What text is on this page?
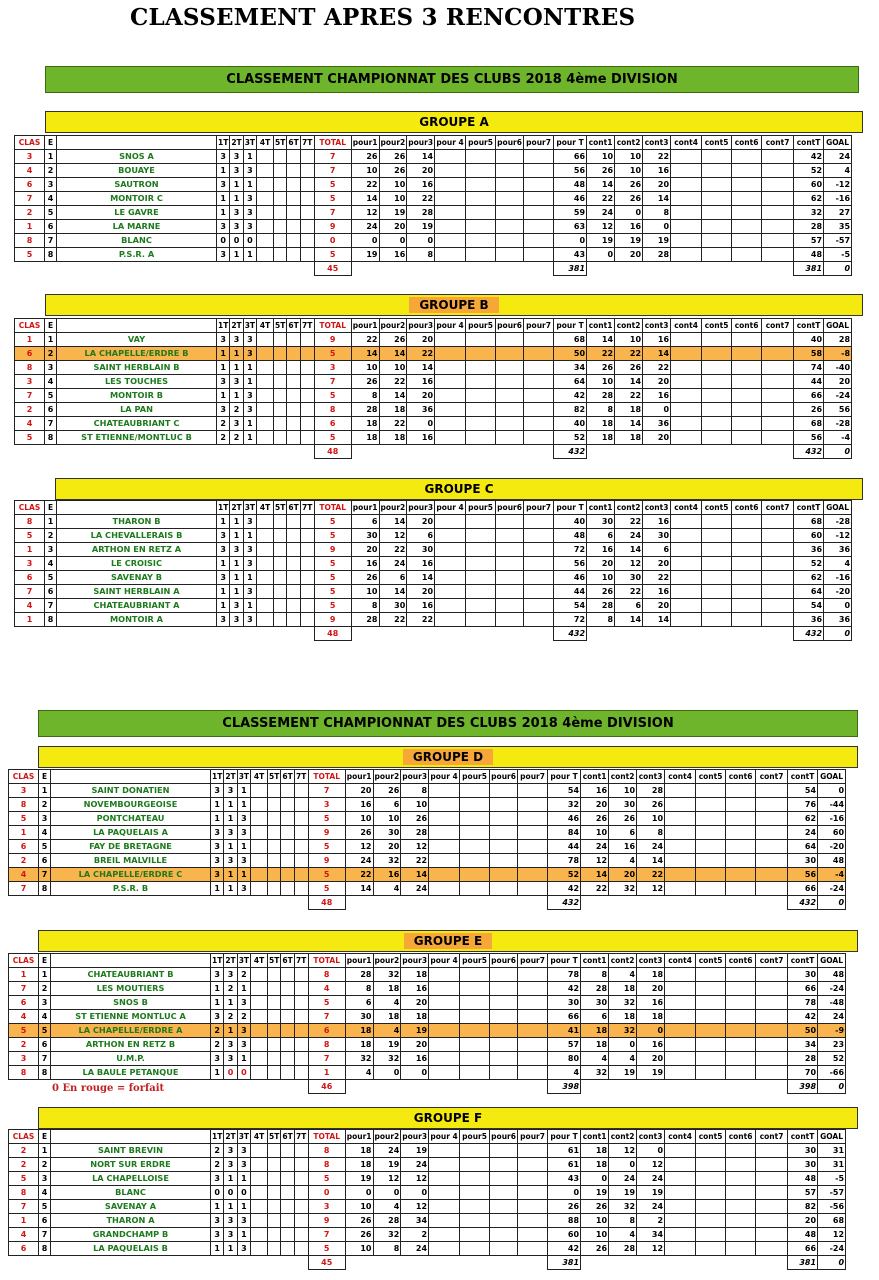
CLASSEMENT APRES 3 RENCONTRES
CLASSEMENT CHAMPIONNAT DES CLUBS 2018 4ème DIVISION
GROUPE A
CLAS	E		1T	2T	3T	4T	5T	6T	7T	TOTAL	pour1	pour2	pour3	pour 4	pour5	pour6	pour7	pour T	cont1	cont2	cont3	cont4	cont5	cont6	cont7	contT	GOAL
3	1	SNOS A	3	3	1					7	26	26	14					66	10	10	22					42	24
4	2	BOUAYE	1	3	3					7	10	26	20					56	26	10	16					52	4
6	3	SAUTRON	3	1	1					5	22	10	16					48	14	26	20					60	-12
7	4	MONTOIR C	1	1	3					5	14	10	22					46	22	26	14					62	-16
2	5	LE GAVRE	1	3	3					7	12	19	28					59	24	0	8					32	27
1	6	LA MARNE	3	3	3					9	24	20	19					63	12	16	0					28	35
8	7	BLANC	0	0	0					0	0	0	0					0	19	19	19					57	-57
5	8	P.S.R. A	3	1	1					5	19	16	8					43	0	20	28					48	-5
										45								381								381	0
GROUPE B
CLAS	E		1T	2T	3T	4T	5T	6T	7T	TOTAL	pour1	pour2	pour3	pour 4	pour5	pour6	pour7	pour T	cont1	cont2	cont3	cont4	cont5	cont6	cont7	contT	GOAL
1	1	VAY	3	3	3					9	22	26	20					68	14	10	16					40	28
6	2	LA CHAPELLE/ERDRE B	1	1	3					5	14	14	22					50	22	22	14					58	-8
8	3	SAINT HERBLAIN B	1	1	1					3	10	10	14					34	26	26	22					74	-40
3	4	LES TOUCHES	3	3	1					7	26	22	16					64	10	14	20					44	20
7	5	MONTOIR B	1	1	3					5	8	14	20					42	28	22	16					66	-24
2	6	LA PAN	3	2	3					8	28	18	36					82	8	18	0					26	56
4	7	CHATEAUBRIANT C	2	3	1					6	18	22	0					40	18	14	36					68	-28
5	8	ST ETIENNE/MONTLUC B	2	2	1					5	18	18	16					52	18	18	20					56	-4
										48								432								432	0
GROUPE C
CLAS	E		1T	2T	3T	4T	5T	6T	7T	TOTAL	pour1	pour2	pour3	pour 4	pour5	pour6	pour7	pour T	cont1	cont2	cont3	cont4	cont5	cont6	cont7	contT	GOAL
8	1	THARON B	1	1	3					5	6	14	20					40	30	22	16					68	-28
5	2	LA CHEVALLERAIS B	3	1	1					5	30	12	6					48	6	24	30					60	-12
1	3	ARTHON EN RETZ A	3	3	3					9	20	22	30					72	16	14	6					36	36
3	4	LE CROISIC	1	1	3					5	16	24	16					56	20	12	20					52	4
6	5	SAVENAY B	3	1	1					5	26	6	14					46	10	30	22					62	-16
7	6	SAINT HERBLAIN A	1	1	3					5	10	14	20					44	26	22	16					64	-20
4	7	CHATEAUBRIANT A	1	3	1					5	8	30	16					54	28	6	20					54	0
1	8	MONTOIR A	3	3	3					9	28	22	22					72	8	14	14					36	36
										48								432								432	0
CLASSEMENT CHAMPIONNAT DES CLUBS 2018 4ème DIVISION
GROUPE D
CLAS	E		1T	2T	3T	4T	5T	6T	7T	TOTAL	pour1	pour2	pour3	pour 4	pour5	pour6	pour7	pour T	cont1	cont2	cont3	cont4	cont5	cont6	cont7	contT	GOAL
3	1	SAINT DONATIEN	3	3	1					7	20	26	8					54	16	10	28					54	0
8	2	NOVEMBOURGEOISE	1	1	1					3	16	6	10					32	20	30	26					76	-44
5	3	PONTCHATEAU	1	1	3					5	10	10	26					46	26	26	10					62	-16
1	4	LA PAQUELAIS A	3	3	3					9	26	30	28					84	10	6	8					24	60
6	5	FAY DE BRETAGNE	3	1	1					5	12	20	12					44	24	16	24					64	-20
2	6	BREIL MALVILLE	3	3	3					9	24	32	22					78	12	4	14					30	48
4	7	LA CHAPELLE/ERDRE C	3	1	1					5	22	16	14					52	14	20	22					56	-4
7	8	P.S.R. B	1	1	3					5	14	4	24					42	22	32	12					66	-24
										48								432								432	0
GROUPE E
CLAS	E		1T	2T	3T	4T	5T	6T	7T	TOTAL	pour1	pour2	pour3	pour 4	pour5	pour6	pour7	pour T	cont1	cont2	cont3	cont4	cont5	cont6	cont7	contT	GOAL
1	1	CHATEAUBRIANT B	3	3	2					8	28	32	18					78	8	4	18					30	48
7	2	LES MOUTIERS	1	2	1					4	8	18	16					42	28	18	20					66	-24
6	3	SNOS B	1	1	3					5	6	4	20					30	30	32	16					78	-48
4	4	ST ETIENNE MONTLUC A	3	2	2					7	30	18	18					66	6	18	18					42	24
5	5	LA CHAPELLE/ERDRE A	2	1	3					6	18	4	19					41	18	32	0					50	-9
2	6	ARTHON EN RETZ B	2	3	3					8	18	19	20					57	18	0	16					34	23
3	7	U.M.P.	3	3	1					7	32	32	16					80	4	4	20					28	52
8	8	LA BAULE PETANQUE	1	0	0					1	4	0	0					4	32	19	19					70	-66
										46								398								398	0
0 En rouge = forfait
GROUPE F
CLAS	E		1T	2T	3T	4T	5T	6T	7T	TOTAL	pour1	pour2	pour3	pour 4	pour5	pour6	pour7	pour T	cont1	cont2	cont3	cont4	cont5	cont6	cont7	contT	GOAL
2	1	SAINT BREVIN	2	3	3					8	18	24	19					61	18	12	0					30	31
2	2	NORT SUR ERDRE	2	3	3					8	18	19	24					61	18	0	12					30	31
5	3	LA CHAPELLOISE	3	1	1					5	19	12	12					43	0	24	24					48	-5
8	4	BLANC	0	0	0					0	0	0	0					0	19	19	19					57	-57
7	5	SAVENAY A	1	1	1					3	10	4	12					26	26	32	24					82	-56
1	6	THARON A	3	3	3					9	26	28	34					88	10	8	2					20	68
4	7	GRANDCHAMP B	3	3	1					7	26	32	2					60	10	4	34					48	12
6	8	LA PAQUELAIS B	1	1	3					5	10	8	24					42	26	28	12					66	-24
										45								381								381	0
